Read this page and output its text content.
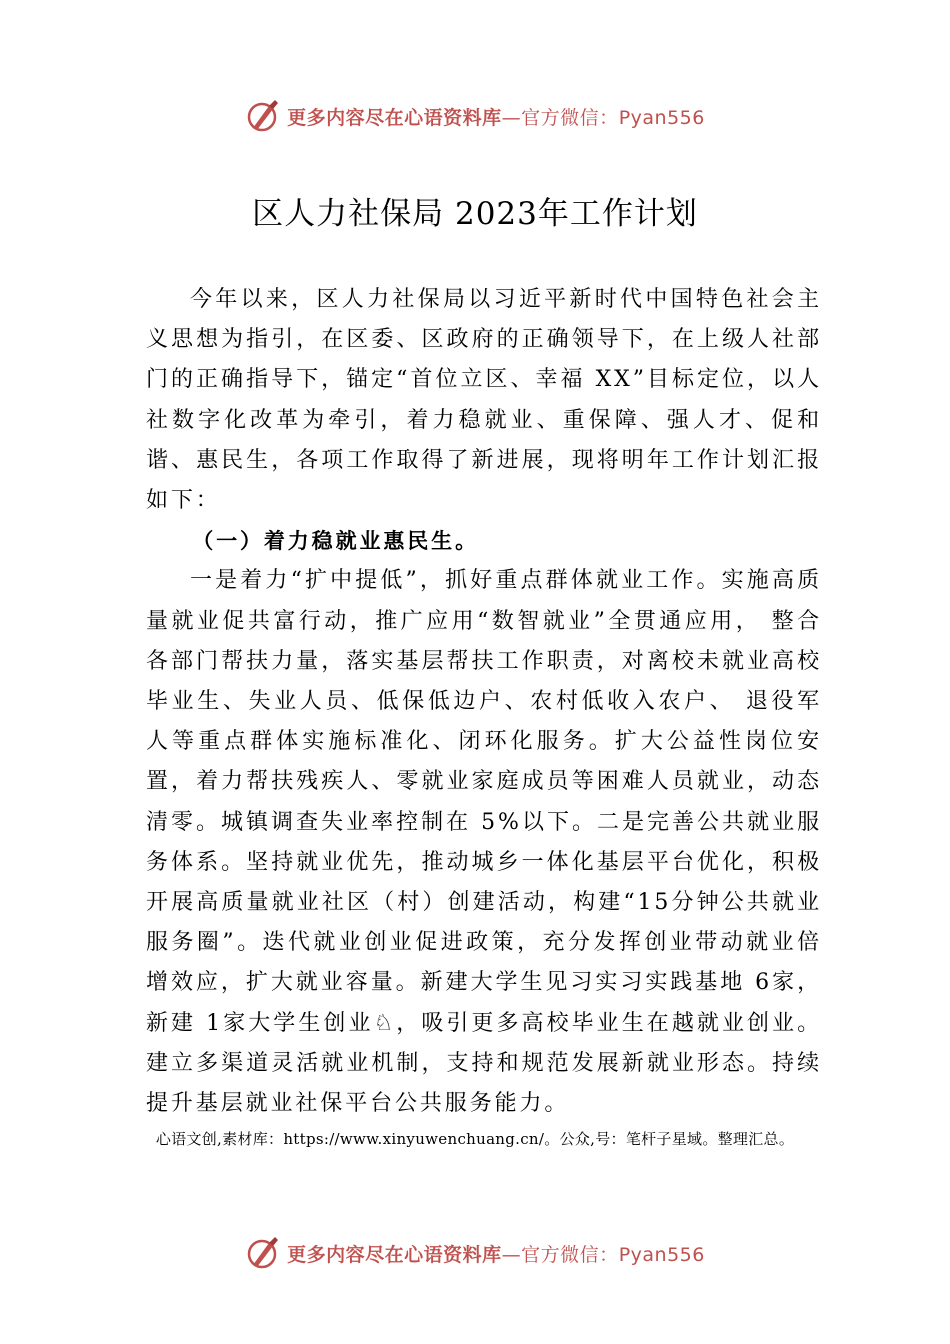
更多内容尽在心语资料库—官方微信：Pyan556
区人力社保局 2023年工作计划

今年以来，区人力社保局以习近平新时代中国特色社会主义思想为指引，在区委、区政府的正确领导下，在上级人社部门的正确指导下，锚定“首位立区、幸福 XX”目标定位，以人社数字化改革为牵引，着力稳就业、重保障、强人才、促和谐、惠民生，各项工作取得了新进展，现将明年工作计划汇报如下：

（一）着力稳就业惠民生。

一是着力“扩中提低”，抓好重点群体就业工作。实施高质量就业促共富行动，推广应用“数智就业”全贯通应用， 整合各部门帮扶力量，落实基层帮扶工作职责，对离校未就业高校毕业生、失业人员、低保低边户、农村低收入农户、 退役军人等重点群体实施标准化、闭环化服务。扩大公益性岗位安置，着力帮扶残疾人、零就业家庭成员等困难人员就业，动态清零。城镇调查失业率控制在 5%以下。二是完善公共就业服务体系。坚持就业优先，推动城乡一体化基层平台优化，积极开展高质量就业社区（村）创建活动，构建“15分钟公共就业服务圈”。迭代就业创业促进政策，充分发挥创业带动就业倍增效应，扩大就业容量。新建大学生见习实习实践基地 6家，新建 1家大学生创业♘，吸引更多高校毕业生在越就业创业。建立多渠道灵活就业机制，支持和规范发展新就业形态。持续提升基层就业社保平台公共服务能力。

心语文创,素材库：https://www.xinyuwenchuang.cn/。公众,号：笔杆子星域。整理汇总。
更多内容尽在心语资料库—官方微信：Pyan556
